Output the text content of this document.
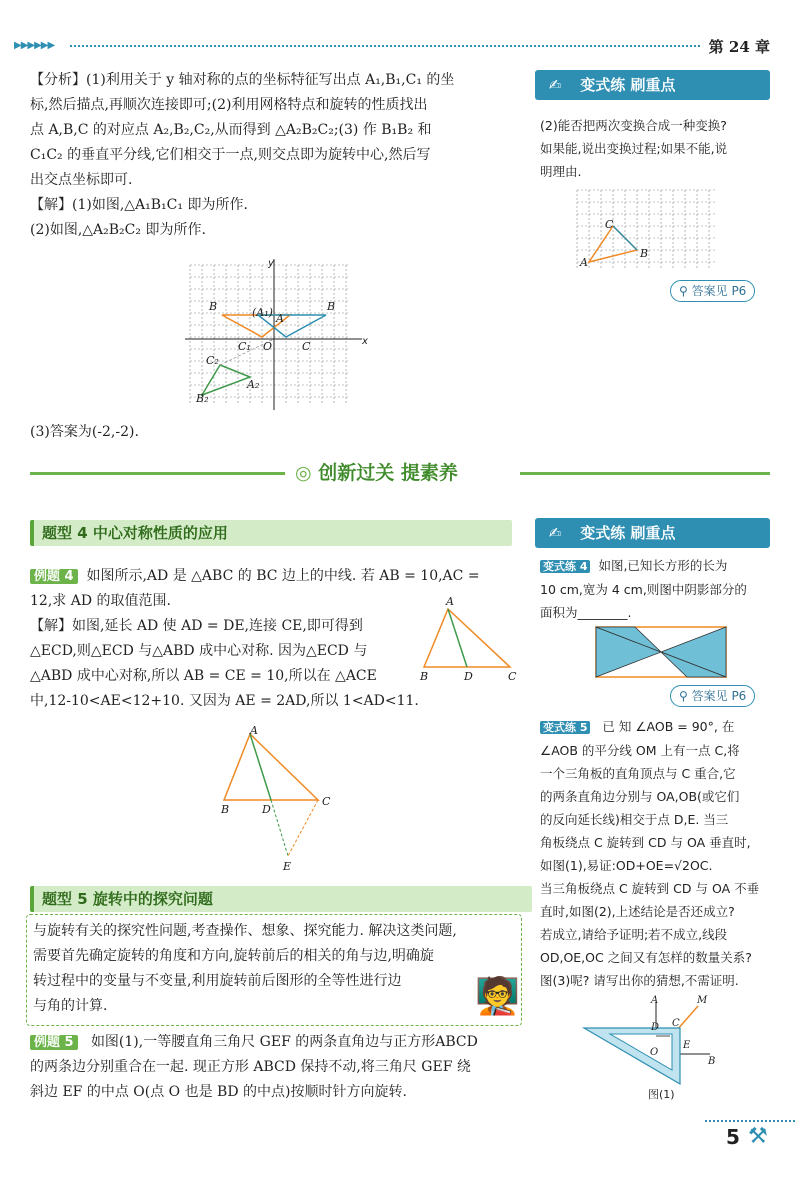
▶▶▶▶▶▶	第 24 章
【分析】(1)利用关于 y 轴对称的点的坐标特征写出点 A₁,B₁,C₁ 的坐
标,然后描点,再顺次连接即可;(2)利用网格特点和旋转的性质找出
点 A,B,C 的对应点 A₂,B₂,C₂,从而得到 △A₂B₂C₂;(3) 作 B₁B₂ 和
C₁C₂ 的垂直平分线,它们相交于一点,则交点即为旋转中心,然后写
出交点坐标即可.
【解】(1)如图,△A₁B₁C₁ 即为所作.
(2)如图,△A₂B₂C₂ 即为所作.
y
x
O
B	(A₁) A
B
C₁	C
C₂
A₂
B₂
(3)答案为(-2,-2).
✍ 变式练 刷重点
(2)能否把两次变换合成一种变换?
如果能,说出变换过程;如果不能,说
明理由.
C
A
B
⚲ 答案见 P6
◎ 创新过关 提素养
题型 4 中心对称性质的应用
例题 4 如图所示,AD 是 △ABC 的 BC 边上的中线. 若 AB = 10,AC =
12,求 AD 的取值范围.
【解】如图,延长 AD 使 AD = DE,连接 CE,即可得到
△ECD,则△ECD 与△ABD 成中心对称. 因为△ECD 与
△ABD 成中心对称,所以 AB = CE = 10,所以在 △ACE
中,12-10<AE<12+10. 又因为 AE = 2AD,所以 1<AD<11.
A
B	D	C
A
B	D
C
E
题型 5 旋转中的探究问题
与旋转有关的探究性问题,考查操作、想象、探究能力. 解决这类问题,
需要首先确定旋转的角度和方向,旋转前后的相关的角与边,明确旋
转过程中的变量与不变量,利用旋转前后图形的全等性进行边
与角的计算.	🧑‍🏫
例题 5 如图(1),一等腰直角三角尺 GEF 的两条直角边与正方形ABCD
的两条边分别重合在一起. 现正方形 ABCD 保持不动,将三角尺 GEF 绕
斜边 EF 的中点 O(点 O 也是 BD 的中点)按顺时针方向旋转.
✍ 变式练 刷重点
变式练 4 如图,已知长方形的长为
10 cm,宽为 4 cm,则图中阴影部分的
面积为________.
⚲ 答案见 P6
变式练 5 已 知 ∠AOB = 90°, 在
∠AOB 的平分线 OM 上有一点 C,将
一个三角板的直角顶点与 C 重合,它
的两条直角边分别与 OA,OB(或它们
的反向延长线)相交于点 D,E. 当三
角板绕点 C 旋转到 CD 与 OA 垂直时,
如图(1),易证:OD+OE=√2OC.
当三角板绕点 C 旋转到 CD 与 OA 不垂
直时,如图(2),上述结论是否还成立?
若成立,请给予证明;若不成立,线段
OD,OE,OC 之间又有怎样的数量关系?
图(3)呢? 请写出你的猜想,不需证明.
A	M
D C
O
E
B
图(1)
5 ⚒
